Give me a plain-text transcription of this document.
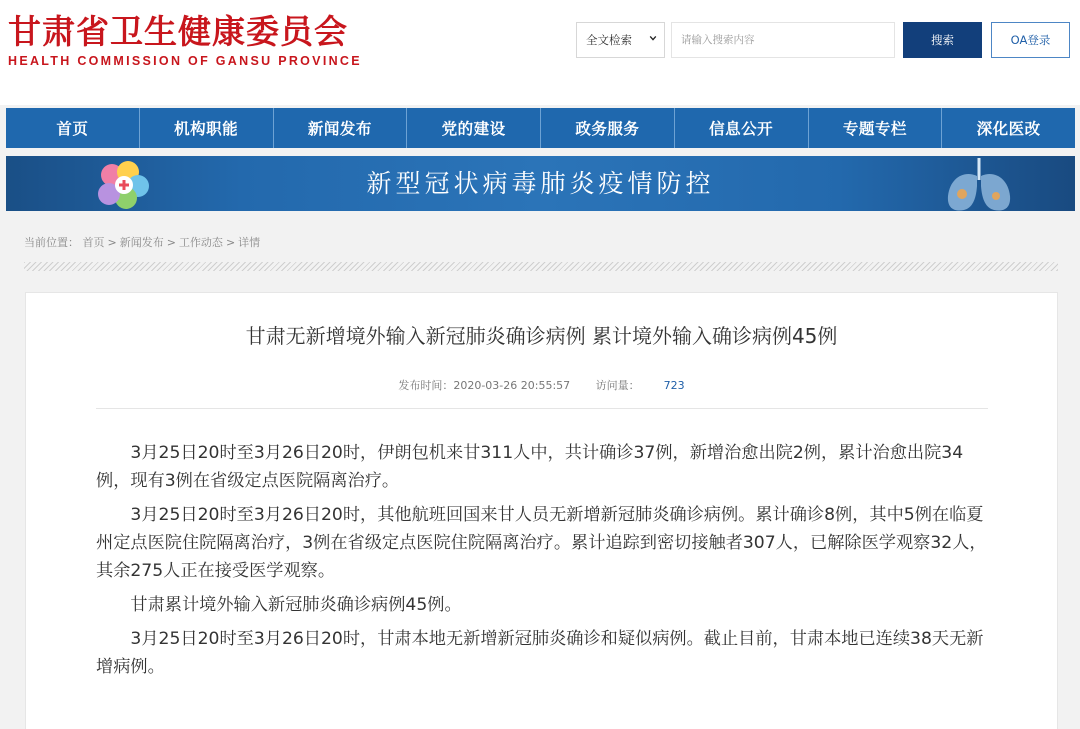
甘肃省卫生健康委员会
HEALTH COMMISSION OF GANSU PROVINCE
全文检索
请输入搜索内容	搜索	OA登录
首页	机构职能	新闻发布	党的建设	政务服务	信息公开	专题专栏	深化医改
新型冠状病毒肺炎疫情防控
当前位置： 首页 > 新闻发布 > 工作动态 > 详情
甘肃无新增境外输入新冠肺炎确诊病例 累计境外输入确诊病例45例
发布时间：2020-03-26 20:55:57 访问量： 723

3月25日20时至3月26日20时，伊朗包机来甘311人中，共计确诊37例，新增治愈出院2例，累计治愈出院34例，现有3例在省级定点医院隔离治疗。

3月25日20时至3月26日20时，其他航班回国来甘人员无新增新冠肺炎确诊病例。累计确诊8例，其中5例在临夏州定点医院住院隔离治疗，3例在省级定点医院住院隔离治疗。累计追踪到密切接触者307人，已解除医学观察32人，其余275人正在接受医学观察。

甘肃累计境外输入新冠肺炎确诊病例45例。

3月25日20时至3月26日20时，甘肃本地无新增新冠肺炎确诊和疑似病例。截止目前，甘肃本地已连续38天无新增病例。
